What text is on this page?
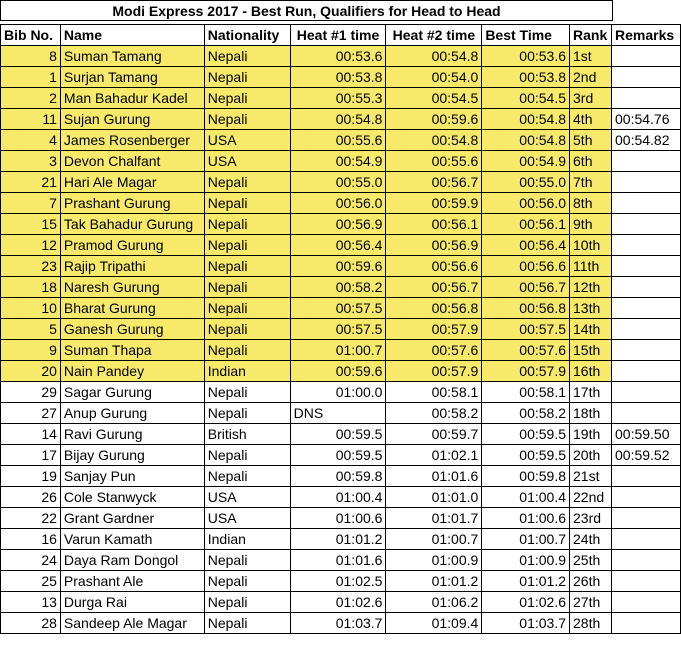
Modi Express 2017 - Best Run, Qualifiers for Head to Head
Bib No.	Name	Nationality	Heat #1 time	Heat #2 time	Best Time	Rank	Remarks
8	Suman Tamang	Nepali	00:53.6	00:54.8	00:53.6	1st	
1	Surjan Tamang	Nepali	00:53.8	00:54.0	00:53.8	2nd	
2	Man Bahadur Kadel	Nepali	00:55.3	00:54.5	00:54.5	3rd	
11	Sujan Gurung	Nepali	00:54.8	00:59.6	00:54.8	4th	00:54.76
4	James Rosenberger	USA	00:55.6	00:54.8	00:54.8	5th	00:54.82
3	Devon Chalfant	USA	00:54.9	00:55.6	00:54.9	6th	
21	Hari Ale Magar	Nepali	00:55.0	00:56.7	00:55.0	7th	
7	Prashant Gurung	Nepali	00:56.0	00:59.9	00:56.0	8th	
15	Tak Bahadur Gurung	Nepali	00:56.9	00:56.1	00:56.1	9th	
12	Pramod Gurung	Nepali	00:56.4	00:56.9	00:56.4	10th	
23	Rajip Tripathi	Nepali	00:59.6	00:56.6	00:56.6	11th	
18	Naresh Gurung	Nepali	00:58.2	00:56.7	00:56.7	12th	
10	Bharat Gurung	Nepali	00:57.5	00:56.8	00:56.8	13th	
5	Ganesh Gurung	Nepali	00:57.5	00:57.9	00:57.5	14th	
9	Suman Thapa	Nepali	01:00.7	00:57.6	00:57.6	15th	
20	Nain Pandey	Indian	00:59.6	00:57.9	00:57.9	16th	
29	Sagar Gurung	Nepali	01:00.0	00:58.1	00:58.1	17th	
27	Anup Gurung	Nepali	DNS	00:58.2	00:58.2	18th	
14	Ravi Gurung	British	00:59.5	00:59.7	00:59.5	19th	00:59.50
17	Bijay Gurung	Nepali	00:59.5	01:02.1	00:59.5	20th	00:59.52
19	Sanjay Pun	Nepali	00:59.8	01:01.6	00:59.8	21st	
26	Cole Stanwyck	USA	01:00.4	01:01.0	01:00.4	22nd	
22	Grant Gardner	USA	01:00.6	01:01.7	01:00.6	23rd	
16	Varun Kamath	Indian	01:01.2	01:00.7	01:00.7	24th	
24	Daya Ram Dongol	Nepali	01:01.6	01:00.9	01:00.9	25th	
25	Prashant Ale	Nepali	01:02.5	01:01.2	01:01.2	26th	
13	Durga Rai	Nepali	01:02.6	01:06.2	01:02.6	27th	
28	Sandeep Ale Magar	Nepali	01:03.7	01:09.4	01:03.7	28th	
